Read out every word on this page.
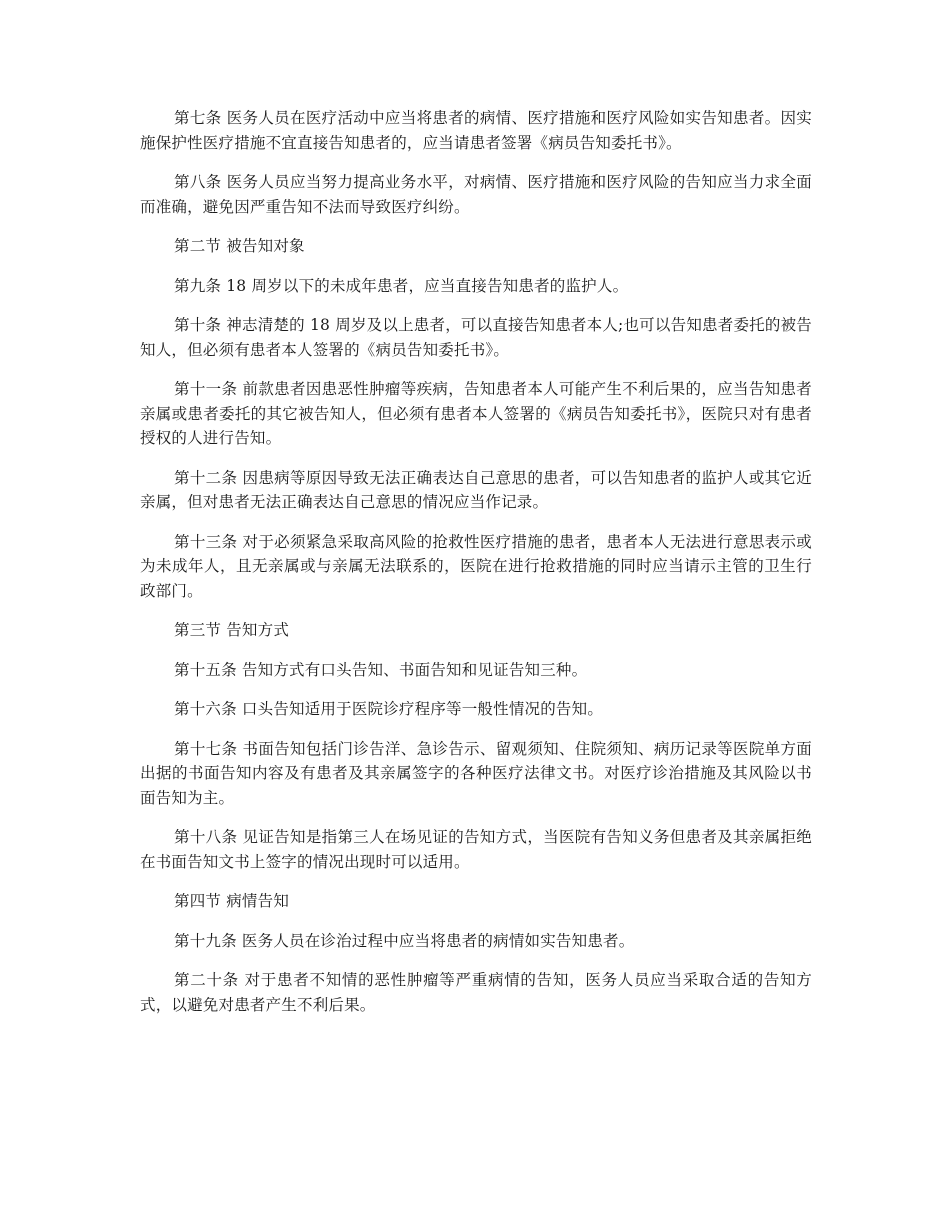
第七条 医务人员在医疗活动中应当将患者的病情、医疗措施和医疗风险如实告知患者。因实施保护性医疗措施不宜直接告知患者的，应当请患者签署《病员告知委托书》。

第八条 医务人员应当努力提高业务水平，对病情、医疗措施和医疗风险的告知应当力求全面而准确，避免因严重告知不法而导致医疗纠纷。

第二节 被告知对象

第九条 18 周岁以下的未成年患者，应当直接告知患者的监护人。

第十条 神志清楚的 18 周岁及以上患者，可以直接告知患者本人;也可以告知患者委托的被告知人，但必须有患者本人签署的《病员告知委托书》。

第十一条 前款患者因患恶性肿瘤等疾病，告知患者本人可能产生不利后果的，应当告知患者亲属或患者委托的其它被告知人，但必须有患者本人签署的《病员告知委托书》，医院只对有患者授权的人进行告知。

第十二条 因患病等原因导致无法正确表达自己意思的患者，可以告知患者的监护人或其它近亲属，但对患者无法正确表达自己意思的情况应当作记录。

第十三条 对于必须紧急采取高风险的抢救性医疗措施的患者，患者本人无法进行意思表示或为未成年人，且无亲属或与亲属无法联系的，医院在进行抢救措施的同时应当请示主管的卫生行政部门。

第三节 告知方式

第十五条 告知方式有口头告知、书面告知和见证告知三种。

第十六条 口头告知适用于医院诊疗程序等一般性情况的告知。

第十七条 书面告知包括门诊告洋、急诊告示、留观须知、住院须知、病历记录等医院单方面出据的书面告知内容及有患者及其亲属签字的各种医疗法律文书。对医疗诊治措施及其风险以书面告知为主。

第十八条 见证告知是指第三人在场见证的告知方式，当医院有告知义务但患者及其亲属拒绝在书面告知文书上签字的情况出现时可以适用。

第四节 病情告知

第十九条 医务人员在诊治过程中应当将患者的病情如实告知患者。

第二十条 对于患者不知情的恶性肿瘤等严重病情的告知，医务人员应当采取合适的告知方式，以避免对患者产生不利后果。
